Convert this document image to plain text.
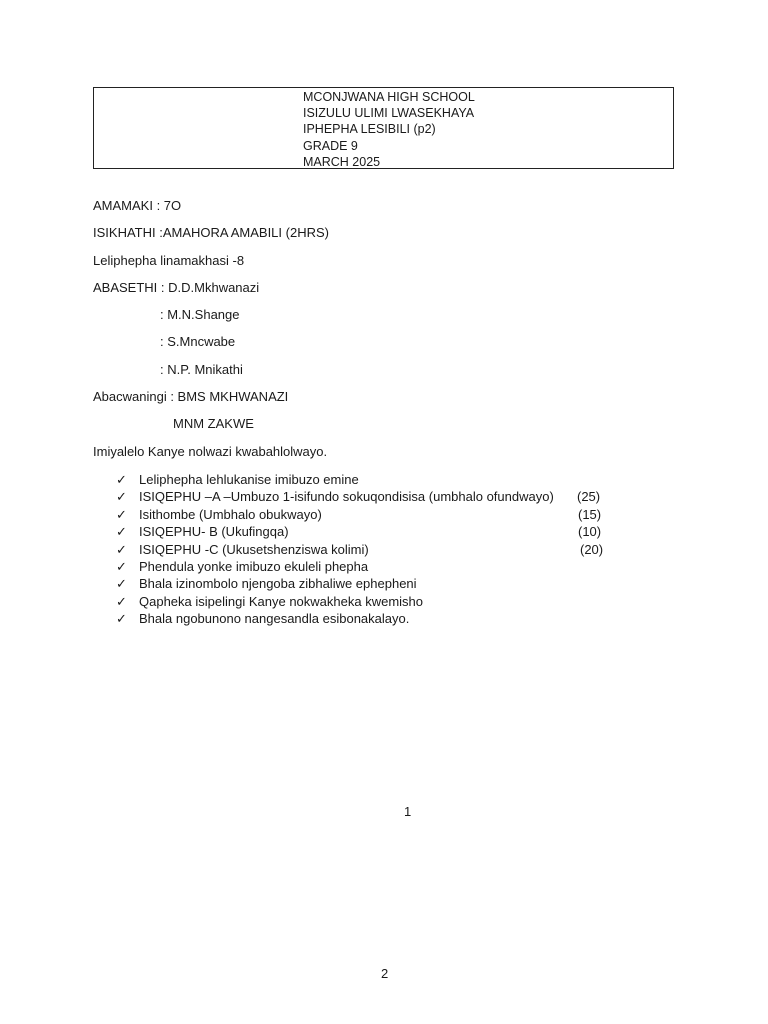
MCONJWANA HIGH SCHOOL
ISIZULU ULIMI LWASEKHAYA
IPHEPHA LESIBILI (p2)
GRADE 9
MARCH 2025
AMAMAKI : 7O
ISIKHATHI :AMAHORA AMABILI (2HRS)
Leliphepha linamakhasi -8
ABASETHI : D.D.Mkhwanazi
: M.N.Shange
: S.Mncwabe
: N.P. Mnikathi
Abacwaningi : BMS MKHWANAZI
MNM ZAKWE
Imiyalelo Kanye nolwazi kwabahlolwayo.
✓ Leliphepha lehlukanise imibuzo emine
✓ ISIQEPHU –A –Umbuzo 1-isifundo sokuqondisisa (umbhalo ofundwayo) (25)
✓ Isithombe (Umbhalo obukwayo)	(15)
✓ ISIQEPHU- B (Ukufingqa)	(10)
✓ ISIQEPHU -C (Ukusetshenziswa kolimi)	(20)
✓ Phendula yonke imibuzo ekuleli phepha
✓ Bhala izinombolo njengoba zibhaliwe ephepheni
✓ Qapheka isipelingi Kanye nokwakheka kwemisho
✓ Bhala ngobunono nangesandla esibonakalayo.
1
2
